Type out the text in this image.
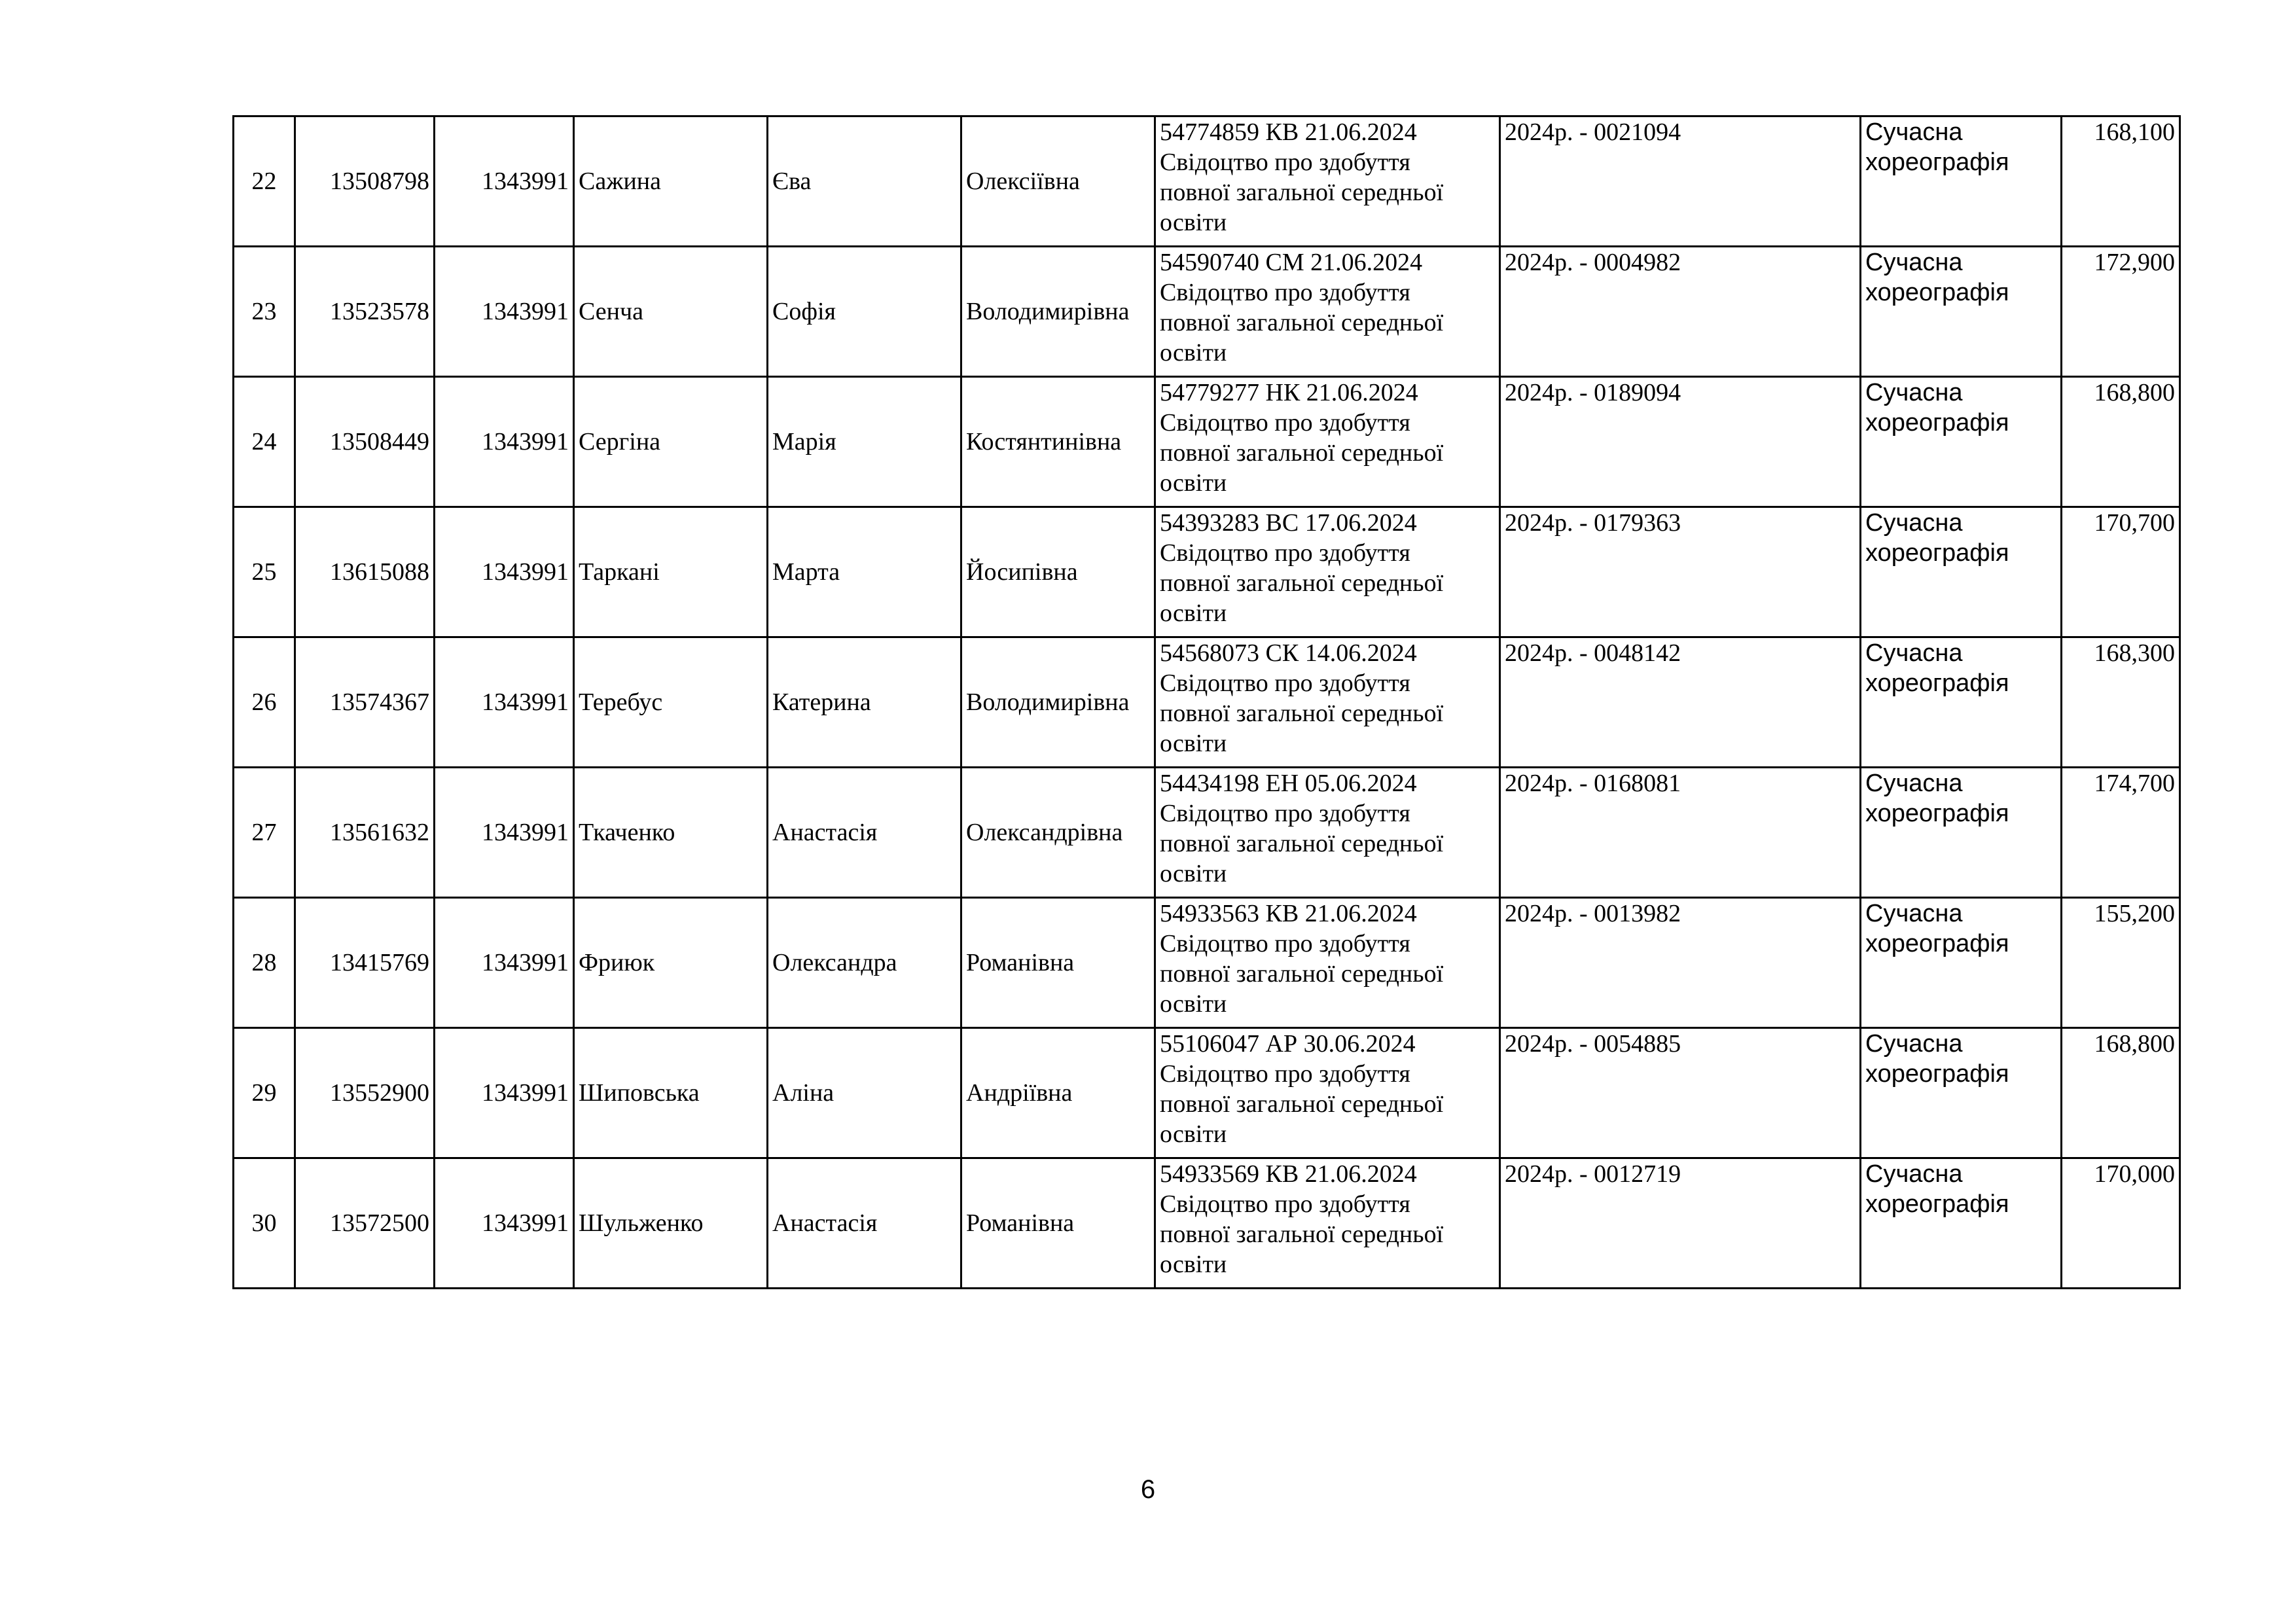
22	13508798	1343991	Сажина	Єва	Олексіївна	54774859 КВ 21.06.2024
Свідоцтво про здобуття
повної загальної середньої
освіти	2024р. - 0021094	Сучасна
хореографія	168,100
23	13523578	1343991	Сенча	Софія	Володимирівна	54590740 СМ 21.06.2024
Свідоцтво про здобуття
повної загальної середньої
освіти	2024р. - 0004982	Сучасна
хореографія	172,900
24	13508449	1343991	Сергіна	Марія	Костянтинівна	54779277 НК 21.06.2024
Свідоцтво про здобуття
повної загальної середньої
освіти	2024р. - 0189094	Сучасна
хореографія	168,800
25	13615088	1343991	Таркані	Марта	Йосипівна	54393283 ВС 17.06.2024
Свідоцтво про здобуття
повної загальної середньої
освіти	2024р. - 0179363	Сучасна
хореографія	170,700
26	13574367	1343991	Теребус	Катерина	Володимирівна	54568073 СК 14.06.2024
Свідоцтво про здобуття
повної загальної середньої
освіти	2024р. - 0048142	Сучасна
хореографія	168,300
27	13561632	1343991	Ткаченко	Анастасія	Олександрівна	54434198 ЕН 05.06.2024
Свідоцтво про здобуття
повної загальної середньої
освіти	2024р. - 0168081	Сучасна
хореографія	174,700
28	13415769	1343991	Фриюк	Олександра	Романівна	54933563 КВ 21.06.2024
Свідоцтво про здобуття
повної загальної середньої
освіти	2024р. - 0013982	Сучасна
хореографія	155,200
29	13552900	1343991	Шиповська	Аліна	Андріївна	55106047 АР 30.06.2024
Свідоцтво про здобуття
повної загальної середньої
освіти	2024р. - 0054885	Сучасна
хореографія	168,800
30	13572500	1343991	Шульженко	Анастасія	Романівна	54933569 КВ 21.06.2024
Свідоцтво про здобуття
повної загальної середньої
освіти	2024р. - 0012719	Сучасна
хореографія	170,000
6
